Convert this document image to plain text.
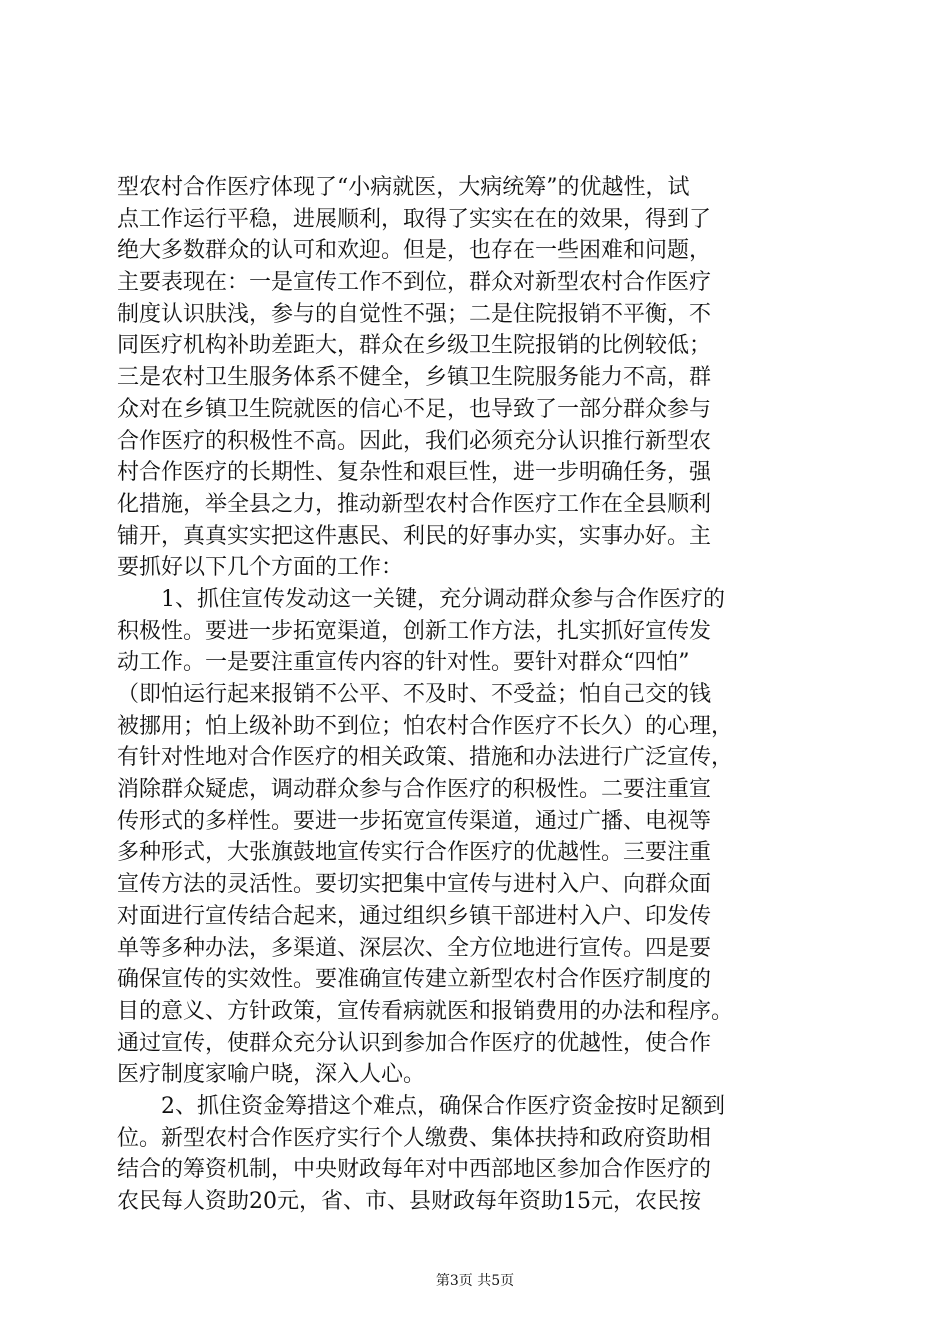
型农村合作医疗体现了“小病就医，大病统筹”的优越性，试
点工作运行平稳，进展顺利，取得了实实在在的效果，得到了
绝大多数群众的认可和欢迎。但是，也存在一些困难和问题，
主要表现在：一是宣传工作不到位，群众对新型农村合作医疗
制度认识肤浅，参与的自觉性不强；二是住院报销不平衡，不
同医疗机构补助差距大，群众在乡级卫生院报销的比例较低；
三是农村卫生服务体系不健全，乡镇卫生院服务能力不高，群
众对在乡镇卫生院就医的信心不足，也导致了一部分群众参与
合作医疗的积极性不高。因此，我们必须充分认识推行新型农
村合作医疗的长期性、复杂性和艰巨性，进一步明确任务，强
化措施，举全县之力，推动新型农村合作医疗工作在全县顺利
铺开，真真实实把这件惠民、利民的好事办实，实事办好。主
要抓好以下几个方面的工作：
1、抓住宣传发动这一关键，充分调动群众参与合作医疗的
积极性。要进一步拓宽渠道，创新工作方法，扎实抓好宣传发
动工作。一是要注重宣传内容的针对性。要针对群众“四怕”
（即怕运行起来报销不公平、不及时、不受益；怕自己交的钱
被挪用；怕上级补助不到位；怕农村合作医疗不长久）的心理，
有针对性地对合作医疗的相关政策、措施和办法进行广泛宣传，
消除群众疑虑，调动群众参与合作医疗的积极性。二要注重宣
传形式的多样性。要进一步拓宽宣传渠道，通过广播、电视等
多种形式，大张旗鼓地宣传实行合作医疗的优越性。三要注重
宣传方法的灵活性。要切实把集中宣传与进村入户、向群众面
对面进行宣传结合起来，通过组织乡镇干部进村入户、印发传
单等多种办法，多渠道、深层次、全方位地进行宣传。四是要
确保宣传的实效性。要准确宣传建立新型农村合作医疗制度的
目的意义、方针政策，宣传看病就医和报销费用的办法和程序。
通过宣传，使群众充分认识到参加合作医疗的优越性，使合作
医疗制度家喻户晓，深入人心。
2、抓住资金筹措这个难点，确保合作医疗资金按时足额到
位。新型农村合作医疗实行个人缴费、集体扶持和政府资助相
结合的筹资机制，中央财政每年对中西部地区参加合作医疗的
农民每人资助20元，省、市、县财政每年资助15元，农民按
第3页 共5页
